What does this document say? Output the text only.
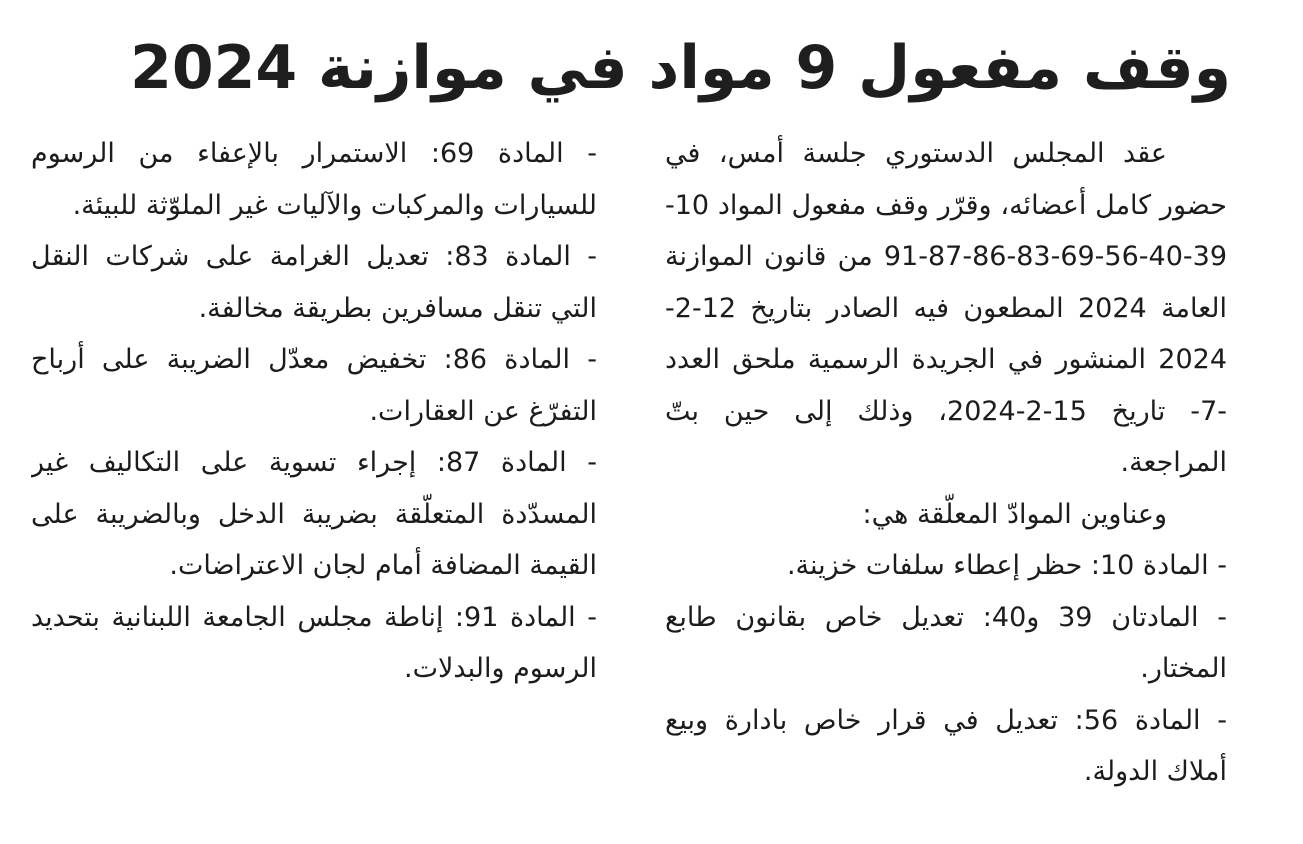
وقف مفعول 9 مواد في موازنة 2024

عقد المجلس الدستوري جلسة أمس، في حضور كامل أعضائه، وقرّر وقف مفعول المواد 10-39-40-56-69-83-86-87-91 من قانون الموازنة العامة 2024 المطعون فيه الصادر بتاريخ 12-2-2024 المنشور في الجريدة الرسمية ملحق العدد -7- تاريخ 15-2-2024، وذلك إلى حين بتّ المراجعة.

وعناوين الموادّ المعلّقة هي:

- المادة 10: حظر إعطاء سلفات خزينة.

- المادتان 39 و40: تعديل خاص بقانون طابع المختار.

- المادة 56: تعديل في قرار خاص بادارة وبيع أملاك الدولة.

- المادة 69: الاستمرار بالإعفاء من الرسوم للسيارات والمركبات والآليات غير الملوّثة للبيئة.

- المادة 83: تعديل الغرامة على شركات النقل التي تنقل مسافرين بطريقة مخالفة.

- المادة 86: تخفيض معدّل الضريبة على أرباح التفرّغ عن العقارات.

- المادة 87: إجراء تسوية على التكاليف غير المسدّدة المتعلّقة بضريبة الدخل وبالضريبة على القيمة المضافة أمام لجان الاعتراضات.

- المادة 91: إناطة مجلس الجامعة اللبنانية بتحديد الرسوم والبدلات.
